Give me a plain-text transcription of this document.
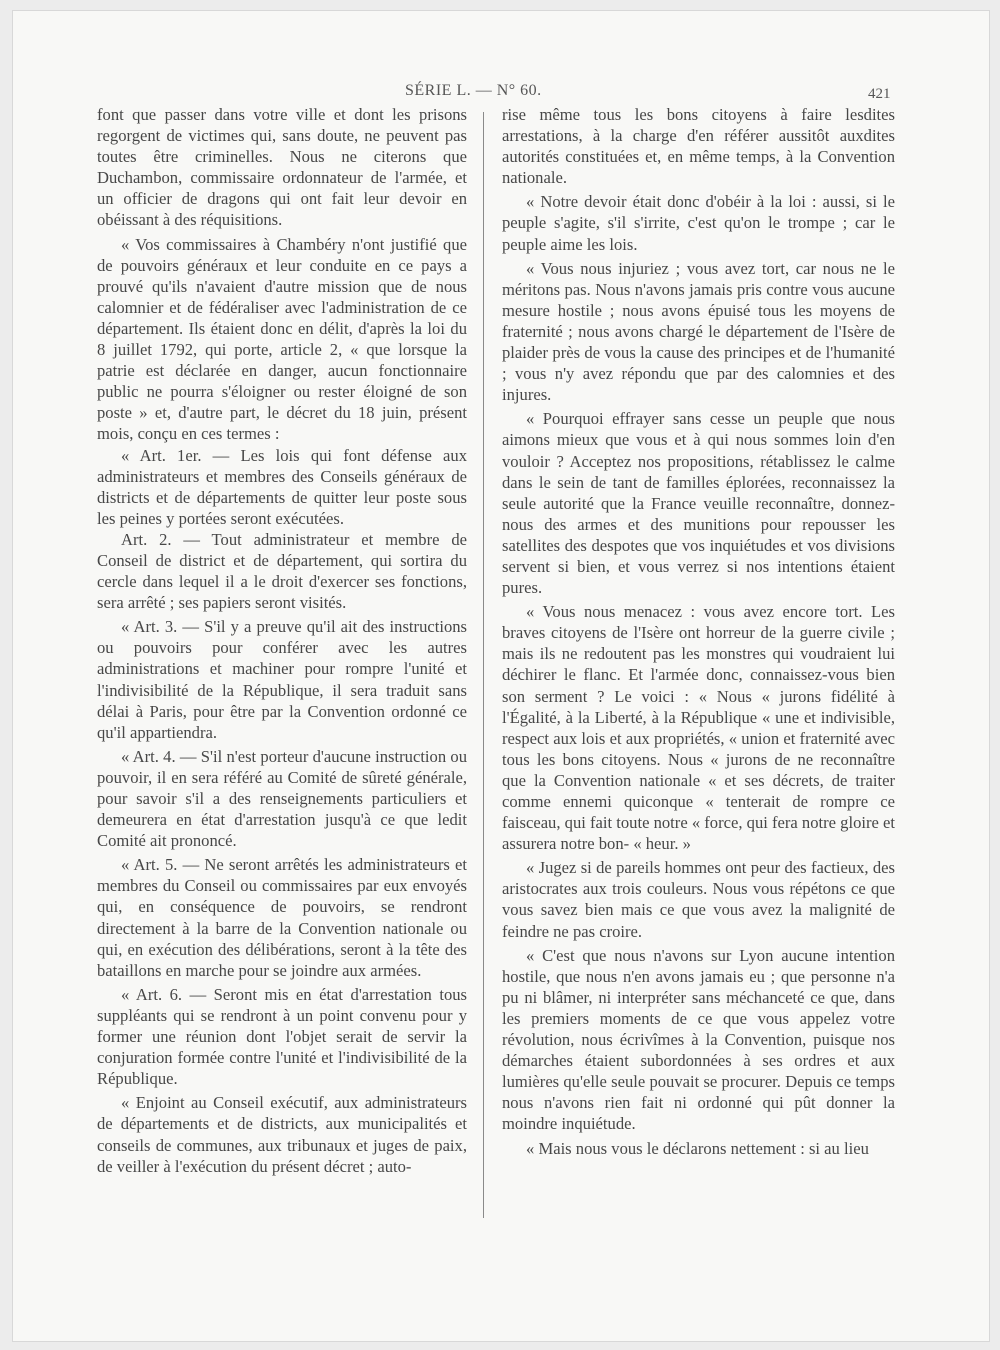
SÉRIE L. — N° 60.	421

font que passer dans votre ville et dont les prisons regorgent de victimes qui, sans doute, ne peuvent pas toutes être criminelles. Nous ne citerons que Duchambon, commissaire ordonnateur de l'armée, et un officier de dragons qui ont fait leur devoir en obéissant à des réquisitions.

« Vos commissaires à Chambéry n'ont justifié que de pouvoirs généraux et leur conduite en ce pays a prouvé qu'ils n'avaient d'autre mission que de nous calomnier et de fédéraliser avec l'administration de ce département. Ils étaient donc en délit, d'après la loi du 8 juillet 1792, qui porte, article 2, « que lorsque la patrie est déclarée en danger, aucun fonctionnaire public ne pourra s'éloigner ou rester éloigné de son poste » et, d'autre part, le décret du 18 juin, présent mois, conçu en ces termes :

« Art. 1er. — Les lois qui font défense aux administrateurs et membres des Conseils généraux de districts et de départements de quitter leur poste sous les peines y portées seront exécutées.

Art. 2. — Tout administrateur et membre de Conseil de district et de département, qui sortira du cercle dans lequel il a le droit d'exercer ses fonctions, sera arrêté ; ses papiers seront visités.

« Art. 3. — S'il y a preuve qu'il ait des instructions ou pouvoirs pour conférer avec les autres administrations et machiner pour rompre l'unité et l'indivisibilité de la République, il sera traduit sans délai à Paris, pour être par la Convention ordonné ce qu'il appartiendra.

« Art. 4. — S'il n'est porteur d'aucune instruction ou pouvoir, il en sera référé au Comité de sûreté générale, pour savoir s'il a des renseignements particuliers et demeurera en état d'arrestation jusqu'à ce que ledit Comité ait prononcé.

« Art. 5. — Ne seront arrêtés les administrateurs et membres du Conseil ou commissaires par eux envoyés qui, en conséquence de pouvoirs, se rendront directement à la barre de la Convention nationale ou qui, en exécution des délibérations, seront à la tête des bataillons en marche pour se joindre aux armées.

« Art. 6. — Seront mis en état d'arrestation tous suppléants qui se rendront à un point convenu pour y former une réunion dont l'objet serait de servir la conjuration formée contre l'unité et l'indivisibilité de la République.

« Enjoint au Conseil exécutif, aux administrateurs de départements et de districts, aux municipalités et conseils de communes, aux tribunaux et juges de paix, de veiller à l'exécution du présent décret ; auto-

rise même tous les bons citoyens à faire lesdites arrestations, à la charge d'en référer aussitôt auxdites autorités constituées et, en même temps, à la Convention nationale.

« Notre devoir était donc d'obéir à la loi : aussi, si le peuple s'agite, s'il s'irrite, c'est qu'on le trompe ; car le peuple aime les lois.

« Vous nous injuriez ; vous avez tort, car nous ne le méritons pas. Nous n'avons jamais pris contre vous aucune mesure hostile ; nous avons épuisé tous les moyens de fraternité ; nous avons chargé le département de l'Isère de plaider près de vous la cause des principes et de l'humanité ; vous n'y avez répondu que par des calomnies et des injures.

« Pourquoi effrayer sans cesse un peuple que nous aimons mieux que vous et à qui nous sommes loin d'en vouloir ? Acceptez nos propositions, rétablissez le calme dans le sein de tant de familles éplorées, reconnaissez la seule autorité que la France veuille reconnaître, donnez-nous des armes et des munitions pour repousser les satellites des despotes que vos inquiétudes et vos divisions servent si bien, et vous verrez si nos intentions étaient pures.

« Vous nous menacez : vous avez encore tort. Les braves citoyens de l'Isère ont horreur de la guerre civile ; mais ils ne redoutent pas les monstres qui voudraient lui déchirer le flanc. Et l'armée donc, connaissez-vous bien son serment ? Le voici : « Nous « jurons fidélité à l'Égalité, à la Liberté, à la République « une et indivisible, respect aux lois et aux propriétés, « union et fraternité avec tous les bons citoyens. Nous « jurons de ne reconnaître que la Convention nationale « et ses décrets, de traiter comme ennemi quiconque « tenterait de rompre ce faisceau, qui fait toute notre « force, qui fera notre gloire et assurera notre bon- « heur. »

« Jugez si de pareils hommes ont peur des factieux, des aristocrates aux trois couleurs. Nous vous répétons ce que vous savez bien mais ce que vous avez la malignité de feindre ne pas croire.

« C'est que nous n'avons sur Lyon aucune intention hostile, que nous n'en avons jamais eu ; que personne n'a pu ni blâmer, ni interpréter sans méchanceté ce que, dans les premiers moments de ce que vous appelez votre révolution, nous écrivîmes à la Convention, puisque nos démarches étaient subordonnées à ses ordres et aux lumières qu'elle seule pouvait se procurer. Depuis ce temps nous n'avons rien fait ni ordonné qui pût donner la moindre inquiétude.

« Mais nous vous le déclarons nettement : si au lieu
